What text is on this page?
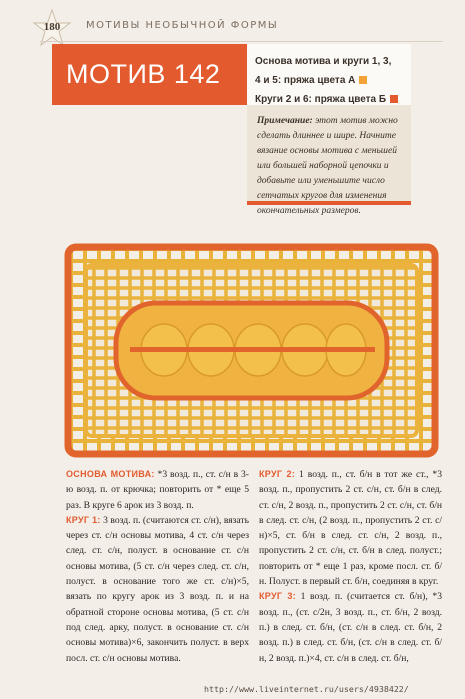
180	МОТИВЫ НЕОБЫЧНОЙ ФОРМЫ
МОТИВ 142	Основа мотива и круги 1, 3,
4 и 5: пряжа цвета А
Круги 2 и 6: пряжа цвета Б
Примечание: этот мотив можно сделать длиннее и шире. Начните вязание основы мотива с меньшей или большей наборной цепочки и добавьте или уменьшите число сетчатых кругов для изменения окончательных размеров.

ОСНОВА МОТИВА: *3 возд. п., ст. с/н в 3-ю возд. п. от крючка; повторить от * еще 5 раз. В круге 6 арок из 3 возд. п.

КРУГ 1: 3 возд. п. (считаются ст. с/н), вязать через ст. с/н основы мотива, 4 ст. с/н через след. ст. с/н, полуст. в основание ст. с/н основы мотива, (5 ст. с/н через след. ст. с/н, полуст. в основание того же ст. с/н)×5, вязать по кругу арок из 3 возд. п. и на обратной стороне основы мотива, (5 ст. с/н под след. арку, полуст. в основание ст. с/н основы мотива)×6, закончить полуст. в верх посл. ст. с/н основы мотива.

КРУГ 2: 1 возд. п., ст. б/н в тот же ст., *3 возд. п., пропустить 2 ст. с/н, ст. б/н в след. ст. с/н, 2 возд. п., пропустить 2 ст. с/н, ст. б/н в след. ст. с/н, (2 возд. п., пропустить 2 ст. с/н)×5, ст. б/н в след. ст. с/н, 2 возд. п., пропустить 2 ст. с/н, ст. б/н в след. полуст.; повторить от * еще 1 раз, кроме посл. ст. б/н. Полуст. в первый ст. б/н, соединяя в круг.

КРУГ 3: 1 возд. п. (считается ст. б/н), *3 возд. п., (ст. с/2н, 3 возд. п., ст. б/н, 2 возд. п.) в след. ст. б/н, (ст. с/н в след. ст. б/н, 2 возд. п.) в след. ст. б/н, (ст. с/н в след. ст. б/н, 2 возд. п.)×4, ст. с/н в след. ст. б/н,

http://www.liveinternet.ru/users/4938422/
